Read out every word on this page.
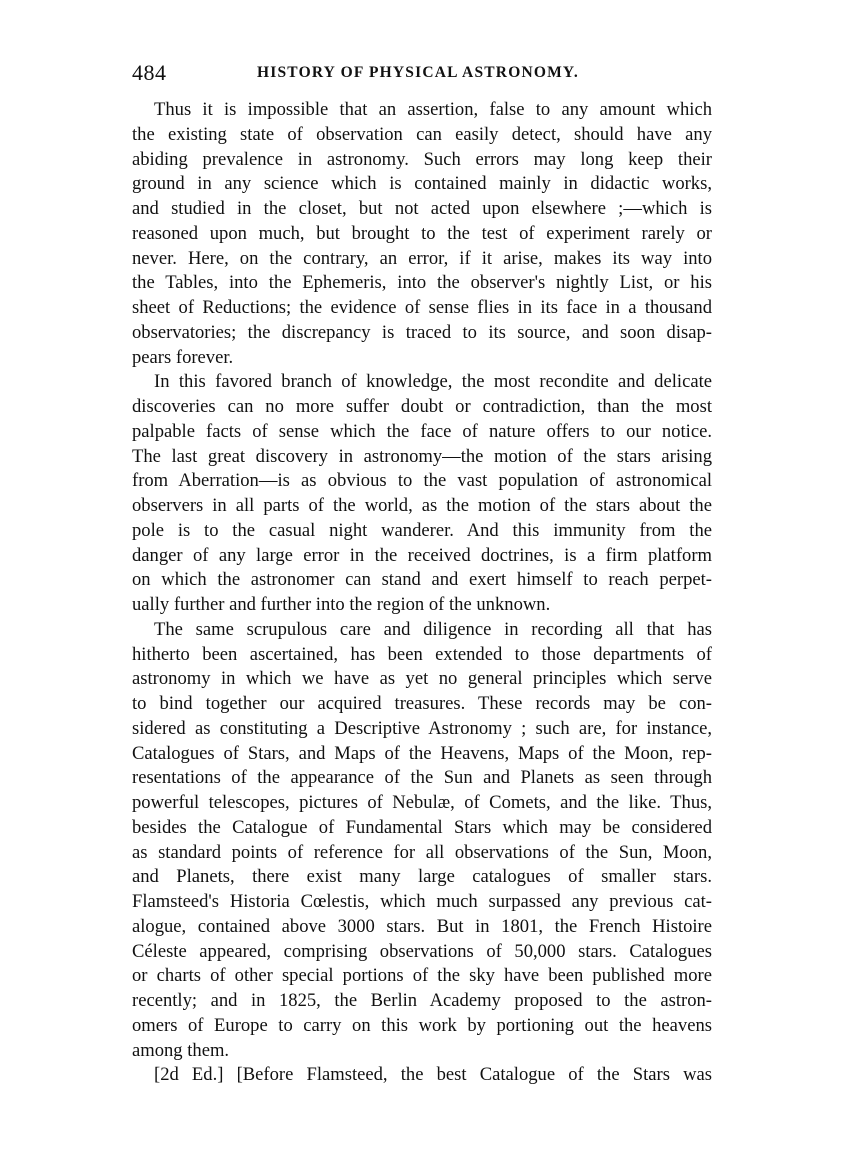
484	HISTORY OF PHYSICAL ASTRONOMY.
Thus it is impossible that an assertion, false to any amount which
the existing state of observation can easily detect, should have any
abiding prevalence in astronomy. Such errors may long keep their
ground in any science which is contained mainly in didactic works,
and studied in the closet, but not acted upon elsewhere ;—which is
reasoned upon much, but brought to the test of experiment rarely or
never. Here, on the contrary, an error, if it arise, makes its way into
the Tables, into the Ephemeris, into the observer's nightly List, or his
sheet of Reductions; the evidence of sense flies in its face in a thousand
observatories; the discrepancy is traced to its source, and soon disap-
pears forever.
In this favored branch of knowledge, the most recondite and delicate
discoveries can no more suffer doubt or contradiction, than the most
palpable facts of sense which the face of nature offers to our notice.
The last great discovery in astronomy—the motion of the stars arising
from Aberration—is as obvious to the vast population of astronomical
observers in all parts of the world, as the motion of the stars about the
pole is to the casual night wanderer. And this immunity from the
danger of any large error in the received doctrines, is a firm platform
on which the astronomer can stand and exert himself to reach perpet-
ually further and further into the region of the unknown.
The same scrupulous care and diligence in recording all that has
hitherto been ascertained, has been extended to those departments of
astronomy in which we have as yet no general principles which serve
to bind together our acquired treasures. These records may be con-
sidered as constituting a Descriptive Astronomy ; such are, for instance,
Catalogues of Stars, and Maps of the Heavens, Maps of the Moon, rep-
resentations of the appearance of the Sun and Planets as seen through
powerful telescopes, pictures of Nebulæ, of Comets, and the like. Thus,
besides the Catalogue of Fundamental Stars which may be considered
as standard points of reference for all observations of the Sun, Moon,
and Planets, there exist many large catalogues of smaller stars.
Flamsteed's Historia Cœlestis, which much surpassed any previous cat-
alogue, contained above 3000 stars. But in 1801, the French Histoire
Céleste appeared, comprising observations of 50,000 stars. Catalogues
or charts of other special portions of the sky have been published more
recently; and in 1825, the Berlin Academy proposed to the astron-
omers of Europe to carry on this work by portioning out the heavens
among them.
[2d Ed.] [Before Flamsteed, the best Catalogue of the Stars was
